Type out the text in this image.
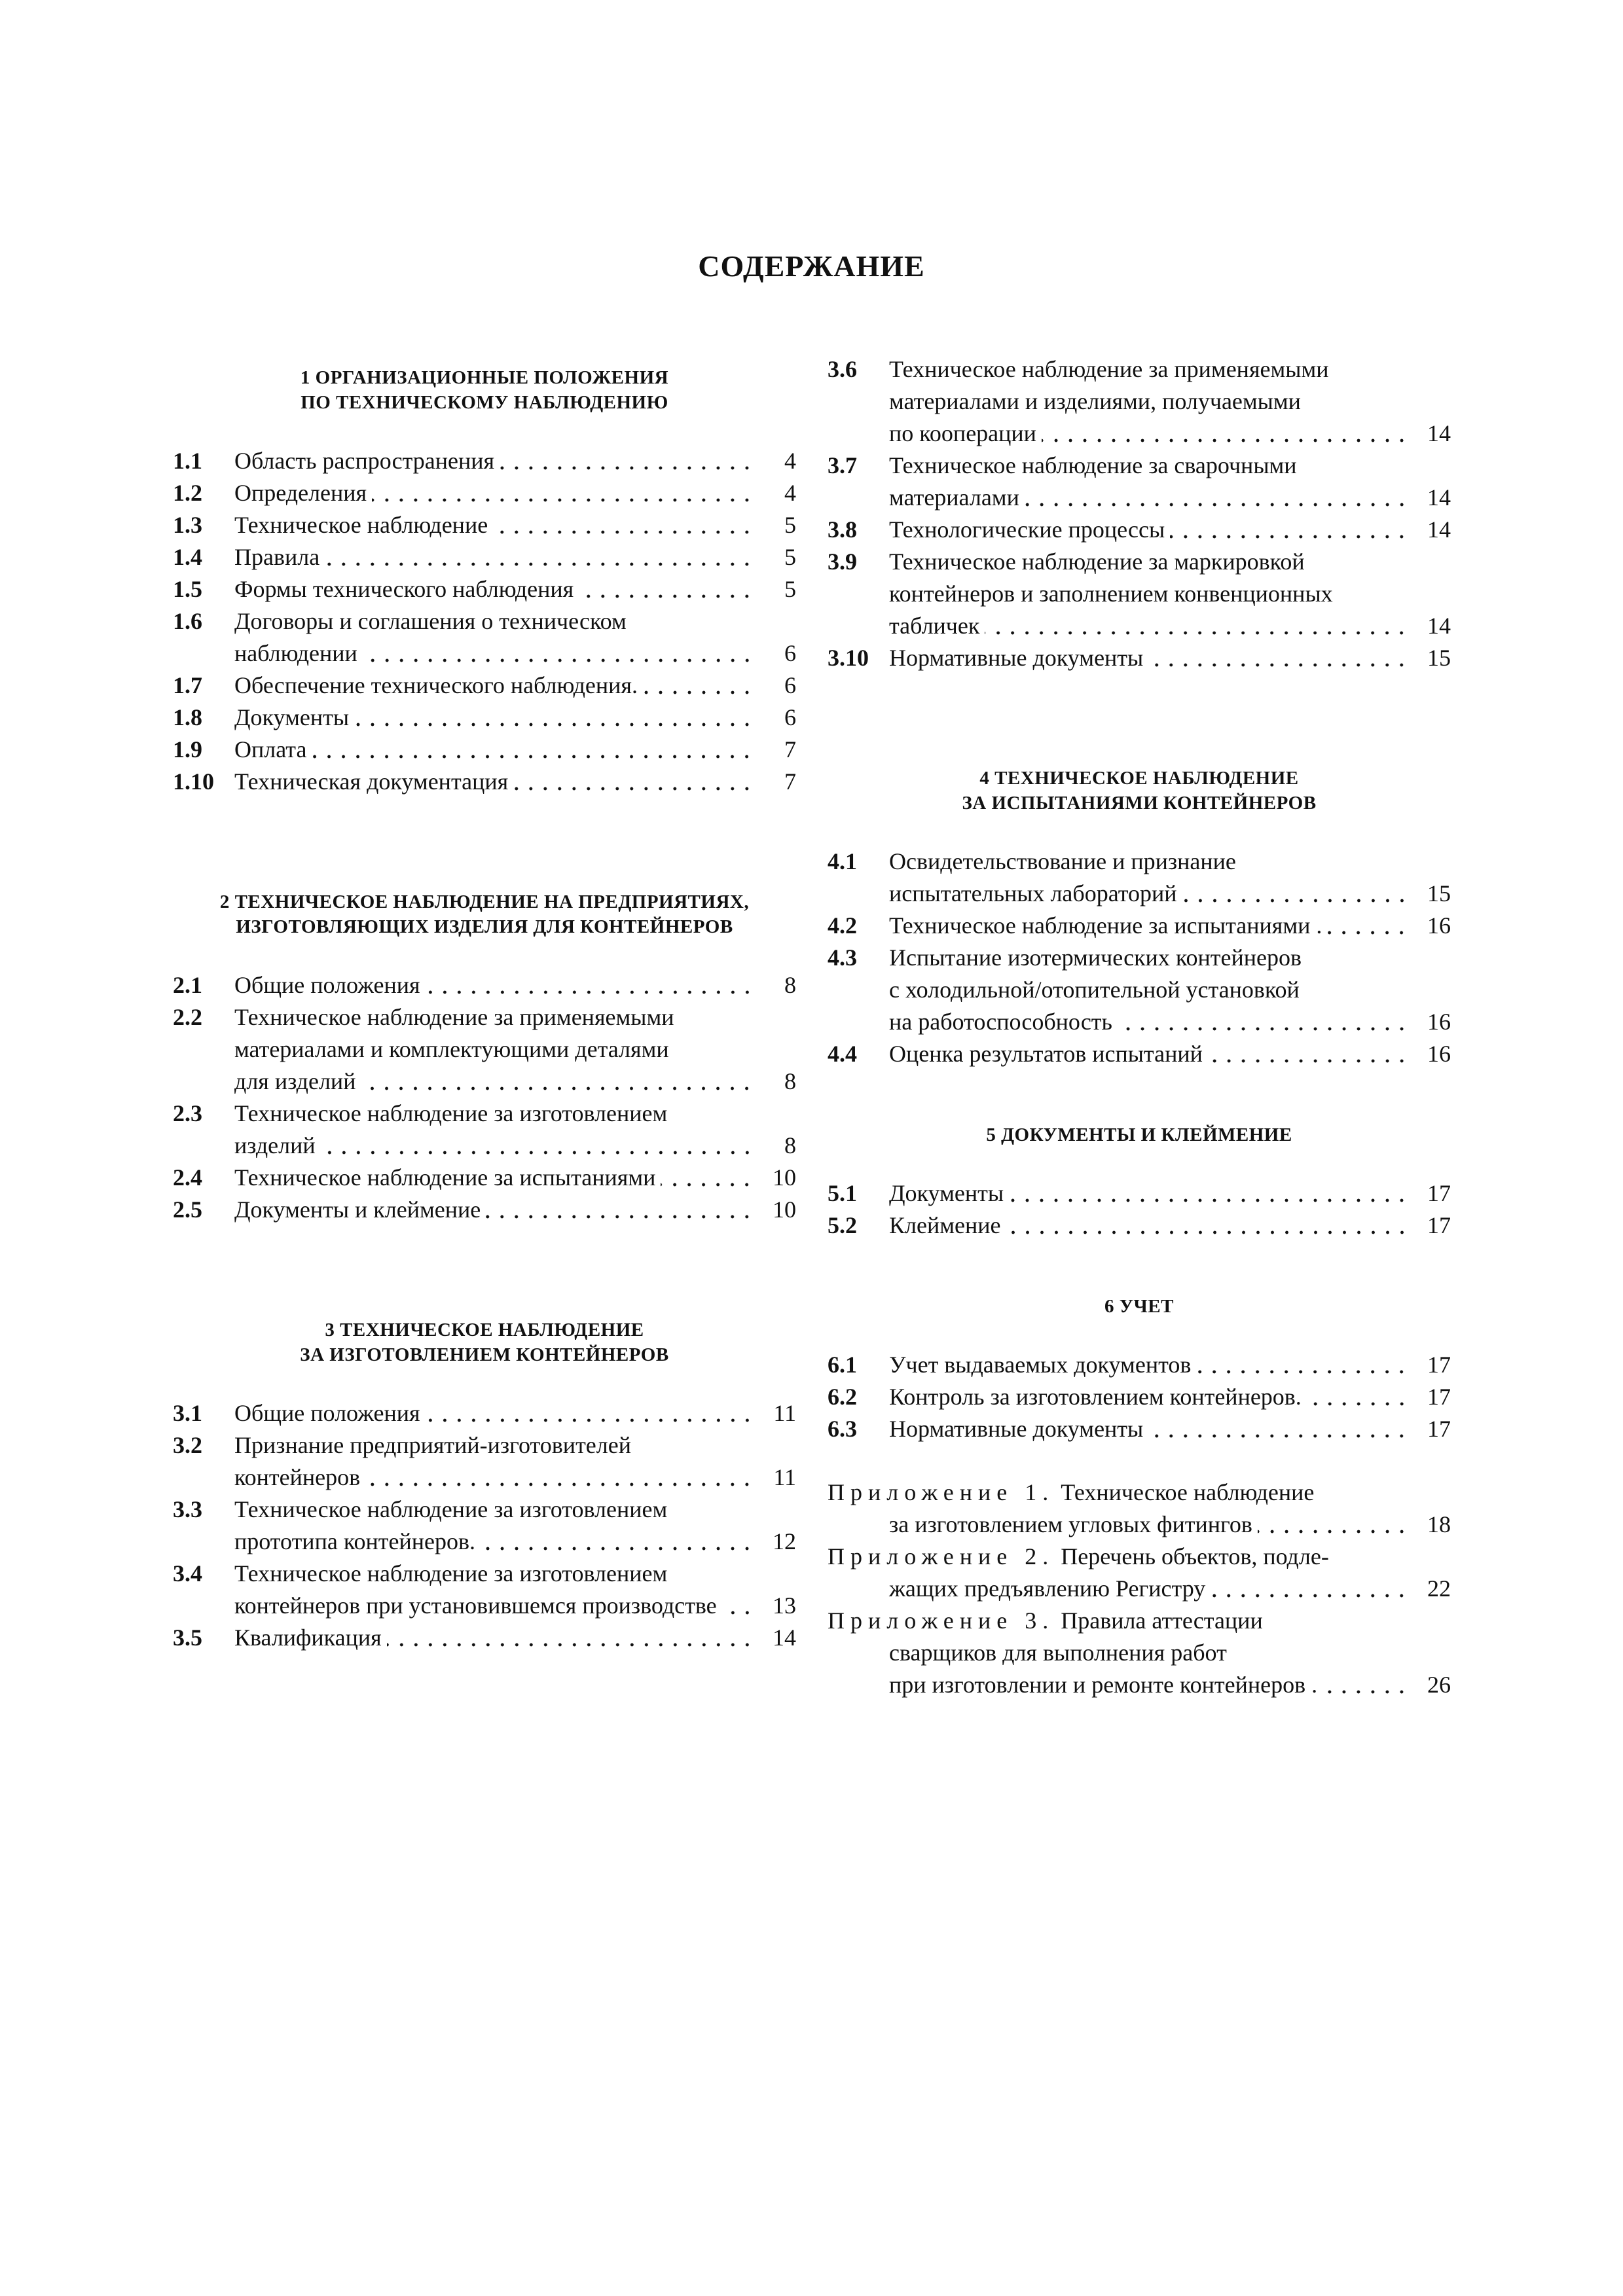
СОДЕРЖАНИЕ
1 ОРГАНИЗАЦИОННЫЕ ПОЛОЖЕНИЯ
ПО ТЕХНИЧЕСКОМУ НАБЛЮДЕНИЮ
1.1	Область распространения	4
1.2	Определения	4
1.3	Техническое наблюдение	5
1.4	Правила	5
1.5	Формы технического наблюдения	5
1.6	Договоры и соглашения о техническом
наблюдении	6
1.7	Обеспечение технического наблюдения.	6
1.8	Документы	6
1.9	Оплата	7
1.10 Техническая документация	7
2 ТЕХНИЧЕСКОЕ НАБЛЮДЕНИЕ НА ПРЕДПРИЯТИЯХ,
ИЗГОТОВЛЯЮЩИХ ИЗДЕЛИЯ ДЛЯ КОНТЕЙНЕРОВ
2.1	Общие положения	8
2.2	Техническое наблюдение за применяемыми
материалами и комплектующими деталями
для изделий	8
2.3	Техническое наблюдение за изготовлением
изделий	8
2.4	Техническое наблюдение за испытаниями	10
2.5	Документы и клеймение	10
3 ТЕХНИЧЕСКОЕ НАБЛЮДЕНИЕ
ЗА ИЗГОТОВЛЕНИЕМ КОНТЕЙНЕРОВ
3.1	Общие положения	11
3.2	Признание предприятий-изготовителей
контейнеров	11
3.3	Техническое наблюдение за изготовлением
прототипа контейнеров.	12
3.4	Техническое наблюдение за изготовлением
контейнеров при установившемся производстве	13
3.5	Квалификация	14
3.6	Техническое наблюдение за применяемыми
материалами и изделиями, получаемыми
по кооперации	14
3.7	Техническое наблюдение за сварочными
материалами	14
3.8	Технологические процессы	14
3.9	Техническое наблюдение за маркировкой
контейнеров и заполнением конвенционных
табличек	14
3.10 Нормативные документы	15
4 ТЕХНИЧЕСКОЕ НАБЛЮДЕНИЕ
ЗА ИСПЫТАНИЯМИ КОНТЕЙНЕРОВ
4.1	Освидетельствование и признание
испытательных лабораторий	15
4.2	Техническое наблюдение за испытаниями .	16
4.3	Испытание изотермических контейнеров
с холодильной/отопительной установкой
на работоспособность	16
4.4	Оценка результатов испытаний	16
5 ДОКУМЕНТЫ И КЛЕЙМЕНИЕ
5.1	Документы	17
5.2	Клеймение	17
6 УЧЕТ
6.1	Учет выдаваемых документов	17
6.2	Контроль за изготовлением контейнеров.	17
6.3	Нормативные документы	17
Приложение 1. Техническое наблюдение
за изготовлением угловых фитингов	18
Приложение 2. Перечень объектов, подле-
жащих предъявлению Регистру	22
Приложение 3. Правила аттестации
сварщиков для выполнения работ
при изготовлении и ремонте контейнеров .	26
